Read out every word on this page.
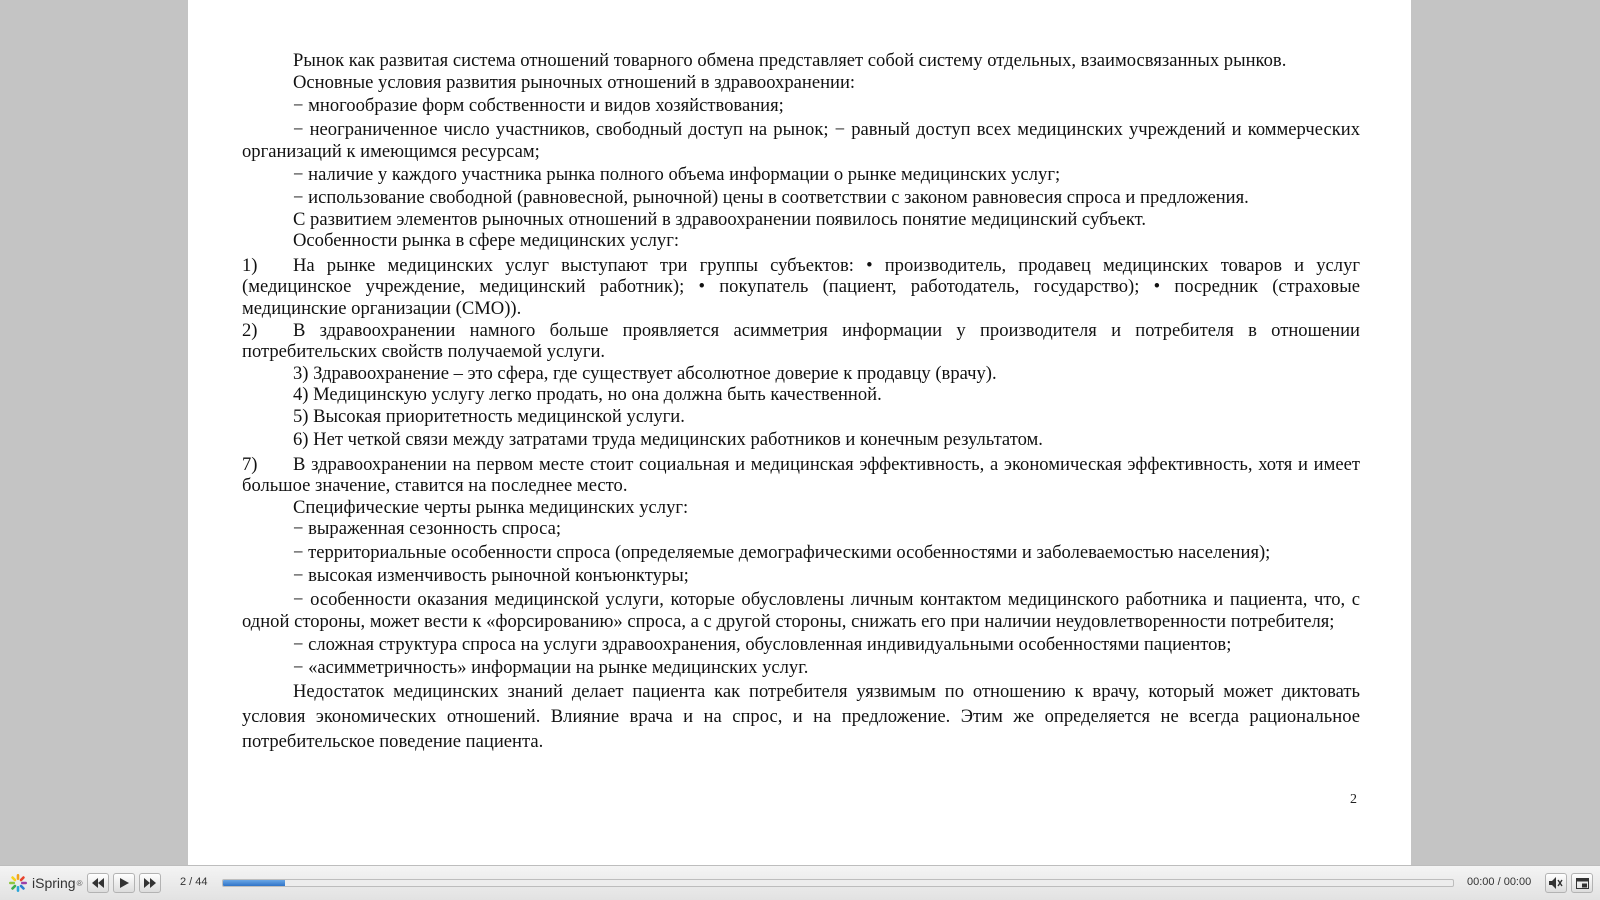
Рынок как развитая система отношений товарного обмена представляет собой систему отдельных, взаимосвязанных рынков.

Основные условия развития рыночных отношений в здравоохранении:

− многообразие форм собственности и видов хозяйствования;

− неограниченное число участников, свободный доступ на рынок; − равный доступ всех медицинских учреждений и коммерческих организаций к имеющимся ресурсам;

− наличие у каждого участника рынка полного объема информации о рынке медицинских услуг;

− использование свободной (равновесной, рыночной) цены в соответствии с законом равновесия спроса и предложения.

С развитием элементов рыночных отношений в здравоохранении появилось понятие медицинский субъект.

Особенности рынка в сфере медицинских услуг:

1) На рынке медицинских услуг выступают три группы субъектов: • производитель, продавец медицинских товаров и услуг (медицинское учреждение, медицинский работник); • покупатель (пациент, работодатель, государство); • посредник (страховые медицинские организации (СМО)).

2) В здравоохранении намного больше проявляется асимметрия информации у производителя и потребителя в отношении потребительских свойств получаемой услуги.

3) Здравоохранение – это сфера, где существует абсолютное доверие к продавцу (врачу).

4) Медицинскую услугу легко продать, но она должна быть качественной.

5) Высокая приоритетность медицинской услуги.

6) Нет четкой связи между затратами труда медицинских работников и конечным результатом.

7) В здравоохранении на первом месте стоит социальная и медицинская эффективность, а экономическая эффективность, хотя и имеет большое значение, ставится на последнее место.

Специфические черты рынка медицинских услуг:

− выраженная сезонность спроса;

− территориальные особенности спроса (определяемые демографическими особенностями и заболеваемостью населения);

− высокая изменчивость рыночной конъюнктуры;

− особенности оказания медицинской услуги, которые обусловлены личным контактом медицинского работника и пациента, что, с одной стороны, может вести к «форсированию» спроса, а с другой стороны, снижать его при наличии неудовлетворенности потребителя;

− сложная структура спроса на услуги здравоохранения, обусловленная индивидуальными особенностями пациентов;

− «асимметричность» информации на рынке медицинских услуг.

Недостаток медицинских знаний делает пациента как потребителя уязвимым по отношению к врачу, который может диктовать условия экономических отношений. Влияние врача и на спрос, и на предложение. Этим же определяется не всегда рациональное потребительское поведение пациента.

2
iSpring ®	2 / 44	00:00 / 00:00
